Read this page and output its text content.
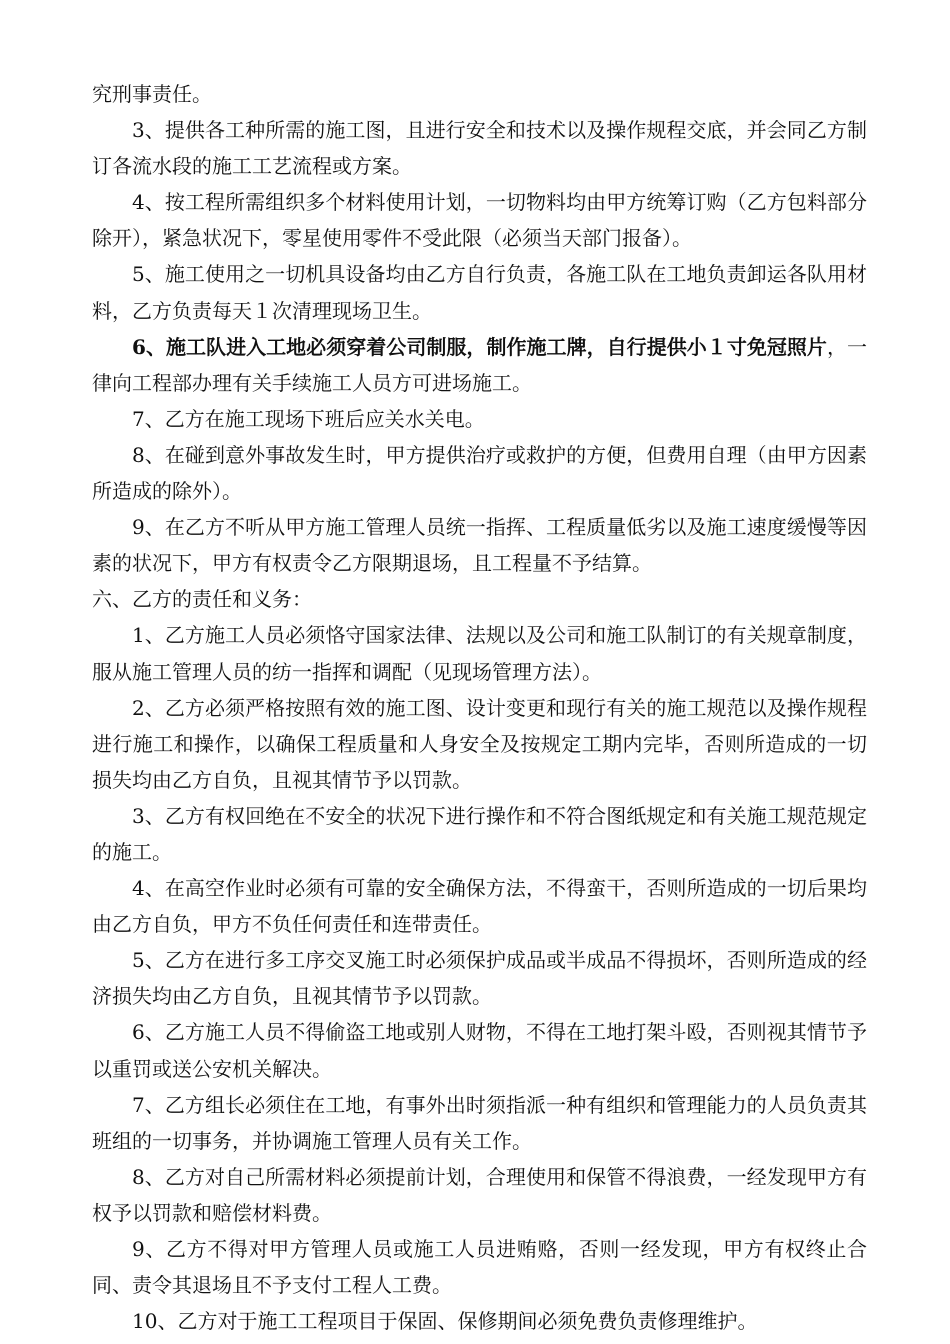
究刑事责任。

3、提供各工种所需的施工图，且进行安全和技术以及操作规程交底，并会同乙方制订各流水段的施工工艺流程或方案。

4、按工程所需组织多个材料使用计划，一切物料均由甲方统筹订购（乙方包料部分除开），紧急状况下，零星使用零件不受此限（必须当天部门报备）。

5、施工使用之一切机具设备均由乙方自行负责，各施工队在工地负责卸运各队用材料，乙方负责每天１次清理现场卫生。

6、施工队进入工地必须穿着公司制服，制作施工牌，自行提供小１寸免冠照片，一律向工程部办理有关手续施工人员方可进场施工。

7、乙方在施工现场下班后应关水关电。

8、在碰到意外事故发生时，甲方提供治疗或救护的方便，但费用自理（由甲方因素所造成的除外）。

9、在乙方不听从甲方施工管理人员统一指挥、工程质量低劣以及施工速度缓慢等因素的状况下，甲方有权责令乙方限期退场，且工程量不予结算。

六、乙方的责任和义务：

1、乙方施工人员必须恪守国家法律、法规以及公司和施工队制订的有关规章制度，服从施工管理人员的纺一指挥和调配（见现场管理方法）。

2、乙方必须严格按照有效的施工图、设计变更和现行有关的施工规范以及操作规程进行施工和操作，以确保工程质量和人身安全及按规定工期内完毕，否则所造成的一切损失均由乙方自负，且视其情节予以罚款。

3、乙方有权回绝在不安全的状况下进行操作和不符合图纸规定和有关施工规范规定的施工。

4、在高空作业时必须有可靠的安全确保方法，不得蛮干，否则所造成的一切后果均由乙方自负，甲方不负任何责任和连带责任。

5、乙方在进行多工序交叉施工时必须保护成品或半成品不得损坏，否则所造成的经济损失均由乙方自负，且视其情节予以罚款。

6、乙方施工人员不得偷盗工地或别人财物，不得在工地打架斗殴，否则视其情节予以重罚或送公安机关解决。

7、乙方组长必须住在工地，有事外出时须指派一种有组织和管理能力的人员负责其班组的一切事务，并协调施工管理人员有关工作。

8、乙方对自己所需材料必须提前计划，合理使用和保管不得浪费，一经发现甲方有权予以罚款和赔偿材料费。

9、乙方不得对甲方管理人员或施工人员进贿赂，否则一经发现，甲方有权终止合同、责令其退场且不予支付工程人工费。

10、乙方对于施工工程项目于保固、保修期间必须免费负责修理维护。
